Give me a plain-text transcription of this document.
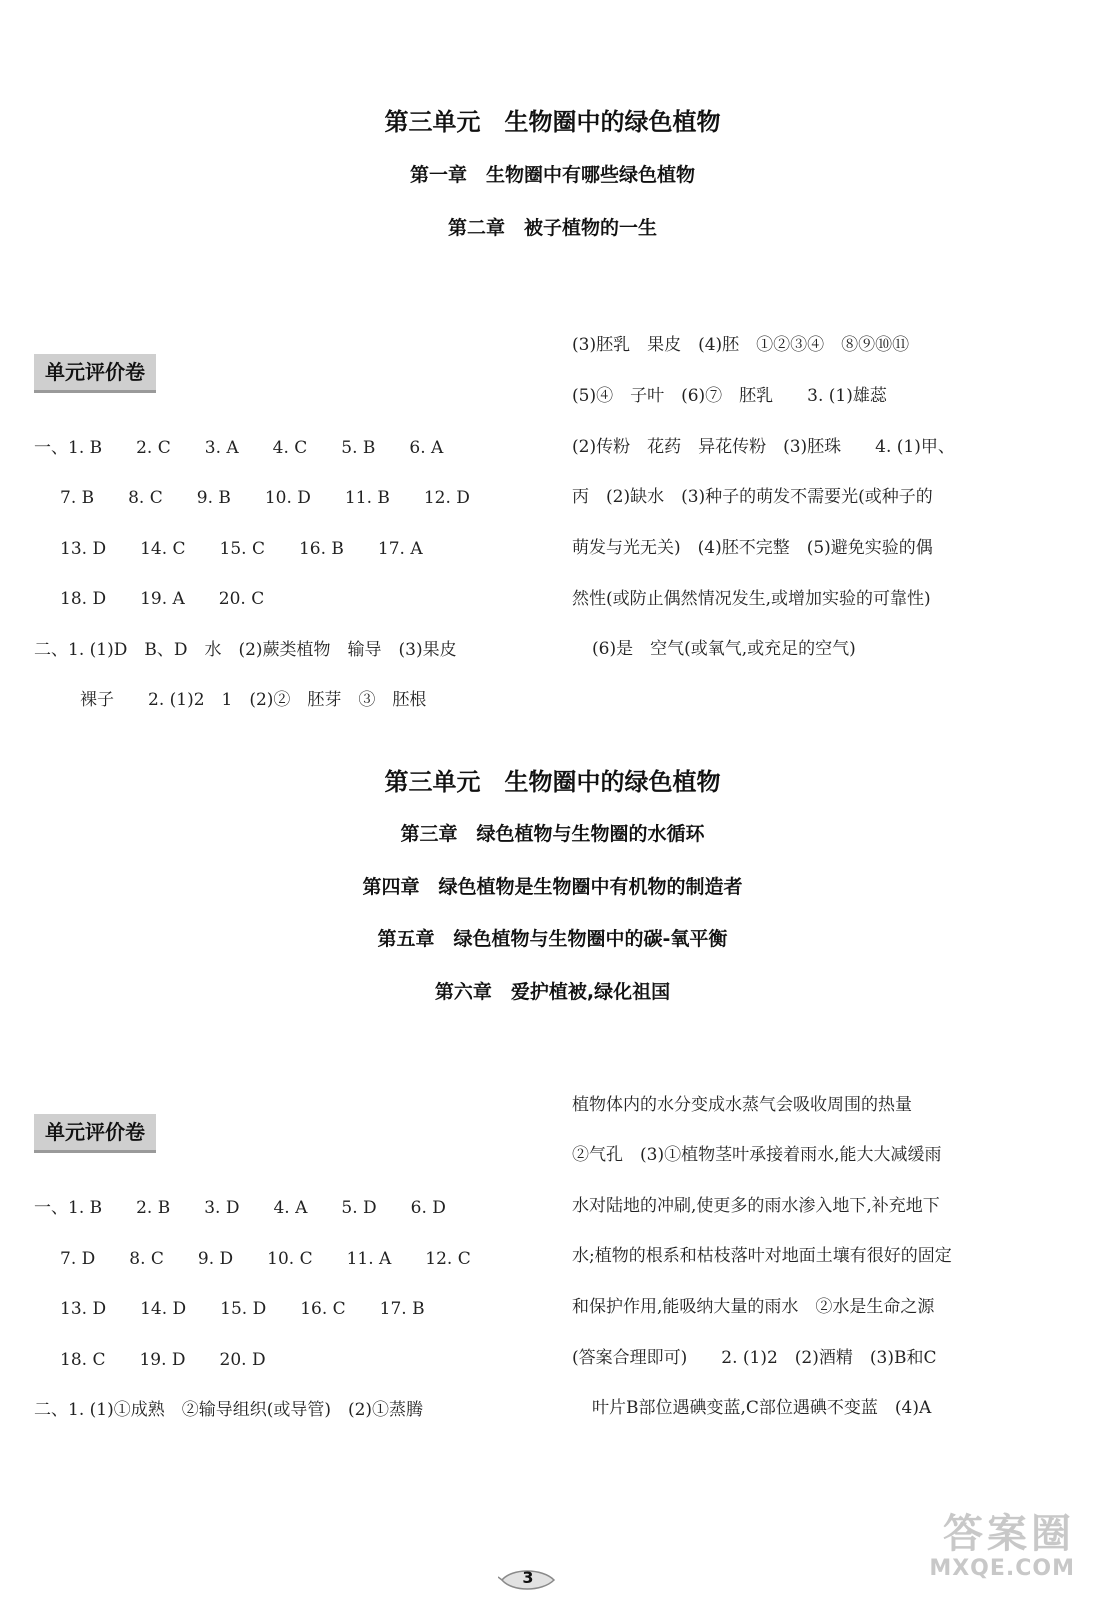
第三单元　生物圈中的绿色植物
第一章　生物圈中有哪些绿色植物
第二章　被子植物的一生
单元评价卷
一、1. B　　2. C　　3. A　　4. C　　5. B　　6. A
7. B　　8. C　　9. B　　10. D　　11. B　　12. D
13. D　　14. C　　15. C　　16. B　　17. A
18. D　　19. A　　20. C
二、1. (1)D　B、D　水　(2)蕨类植物　输导　(3)果皮
裸子　　2. (1)2　1　(2)②　胚芽　③　胚根
(3)胚乳　果皮　(4)胚　①②③④　⑧⑨⑩⑪
(5)④　子叶　(6)⑦　胚乳　　3. (1)雄蕊
(2)传粉　花药　异花传粉　(3)胚珠　　4. (1)甲、
丙　(2)缺水　(3)种子的萌发不需要光(或种子的
萌发与光无关)　(4)胚不完整　(5)避免实验的偶
然性(或防止偶然情况发生,或增加实验的可靠性)
(6)是　空气(或氧气,或充足的空气)
第三单元　生物圈中的绿色植物
第三章　绿色植物与生物圈的水循环
第四章　绿色植物是生物圈中有机物的制造者
第五章　绿色植物与生物圈中的碳-氧平衡
第六章　爱护植被,绿化祖国
单元评价卷
一、1. B　　2. B　　3. D　　4. A　　5. D　　6. D
7. D　　8. C　　9. D　　10. C　　11. A　　12. C
13. D　　14. D　　15. D　　16. C　　17. B
18. C　　19. D　　20. D
二、1. (1)①成熟　②输导组织(或导管)　(2)①蒸腾
植物体内的水分变成水蒸气会吸收周围的热量
②气孔　(3)①植物茎叶承接着雨水,能大大减缓雨
水对陆地的冲刷,使更多的雨水渗入地下,补充地下
水;植物的根系和枯枝落叶对地面土壤有很好的固定
和保护作用,能吸纳大量的雨水　②水是生命之源
(答案合理即可)　　2. (1)2　(2)酒精　(3)B和C
叶片B部位遇碘变蓝,C部位遇碘不变蓝　(4)A
3
答案圈
MXQE.COM
